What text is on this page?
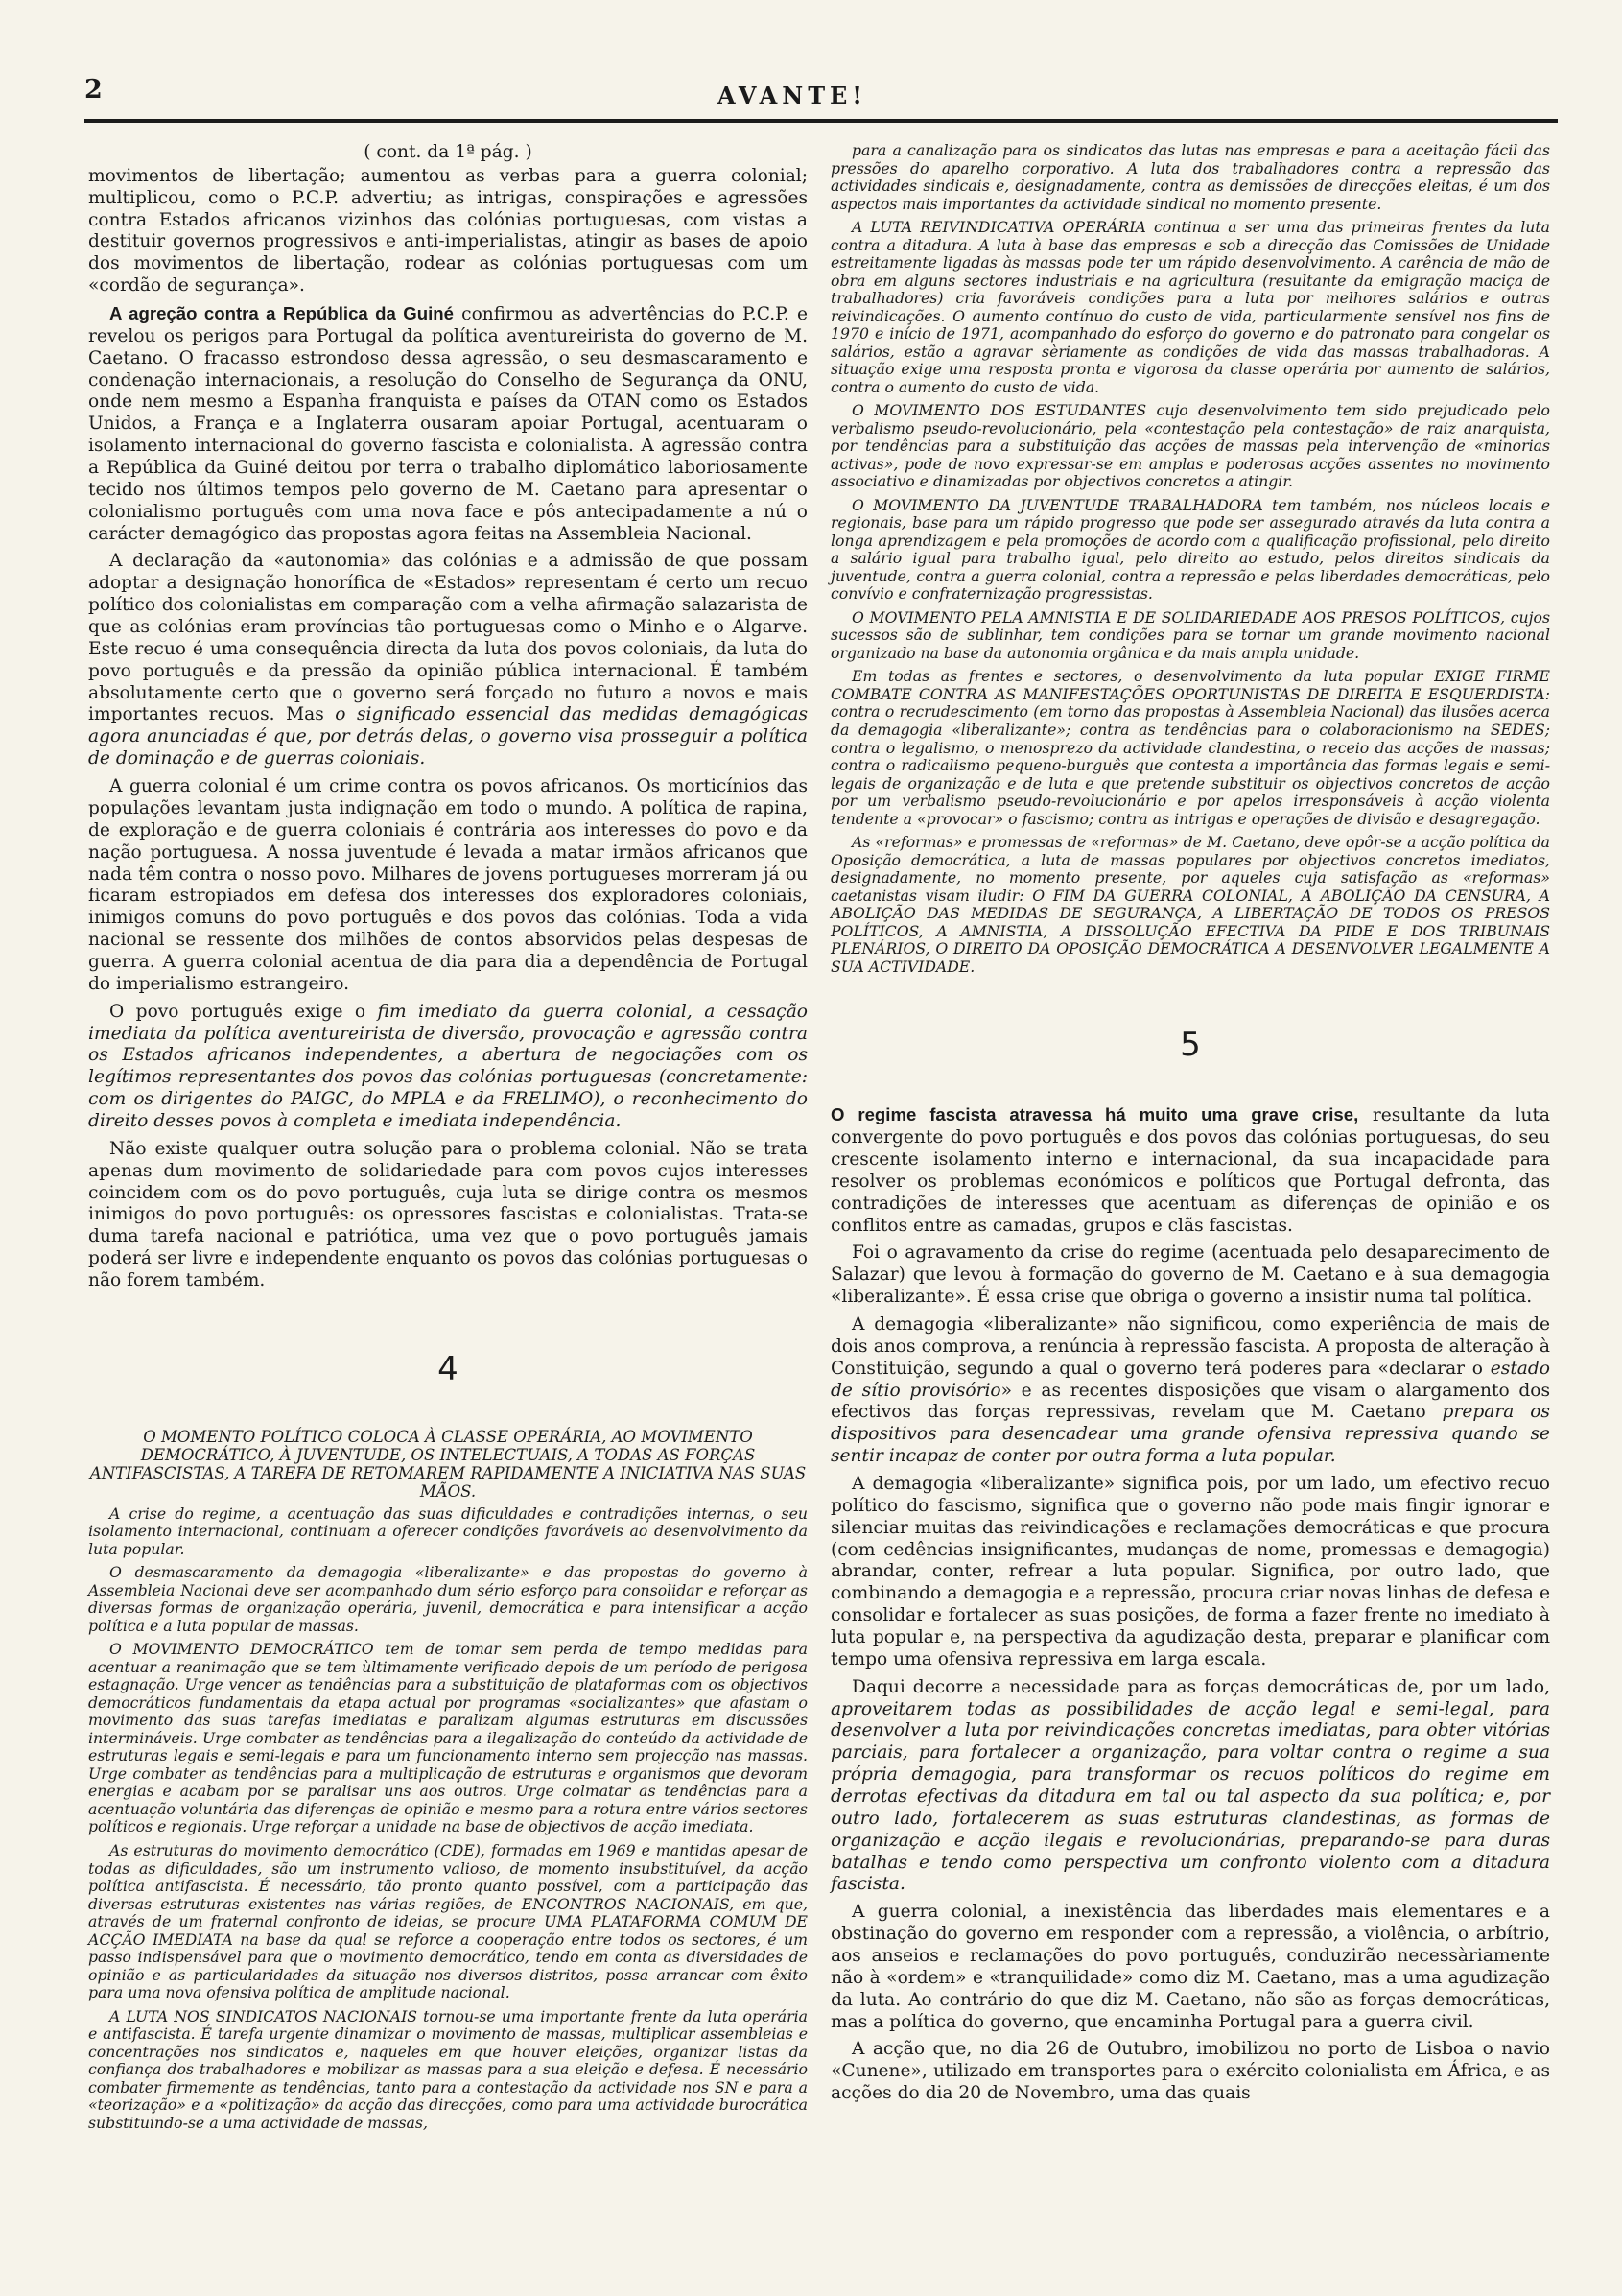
2	AVANTE!

( cont. da 1ª pág. )

movimentos de libertação; aumentou as verbas para a guerra colonial; multiplicou, como o P.C.P. advertiu; as intrigas, conspirações e agressões contra Estados africanos vizinhos das colónias portuguesas, com vistas a destituir governos progressivos e anti-imperialistas, atingir as bases de apoio dos movimentos de libertação, rodear as colónias portuguesas com um «cordão de segurança».

A agreção contra a República da Guiné confirmou as advertências do P.C.P. e revelou os perigos para Portugal da política aventureirista do governo de M. Caetano. O fracasso estrondoso dessa agressão, o seu desmascaramento e condenação internacionais, a resolução do Conselho de Segurança da ONU, onde nem mesmo a Espanha franquista e países da OTAN como os Estados Unidos, a França e a Inglaterra ousaram apoiar Portugal, acentuaram o isolamento internacional do governo fascista e colonialista. A agressão contra a República da Guiné deitou por terra o trabalho diplomático laboriosamente tecido nos últimos tempos pelo governo de M. Caetano para apresentar o colonialismo português com uma nova face e pôs antecipadamente a nú o carácter demagógico das propostas agora feitas na Assembleia Nacional.

A declaração da «autonomia» das colónias e a admissão de que possam adoptar a designação honorífica de «Estados» representam é certo um recuo político dos colonialistas em comparação com a velha afirmação salazarista de que as colónias eram províncias tão portuguesas como o Minho e o Algarve. Este recuo é uma consequência directa da luta dos povos coloniais, da luta do povo português e da pressão da opinião pública internacional. É também absolutamente certo que o governo será forçado no futuro a novos e mais importantes recuos. Mas o significado essencial das medidas demagógicas agora anunciadas é que, por detrás delas, o governo visa prosseguir a política de dominação e de guerras coloniais.

A guerra colonial é um crime contra os povos africanos. Os morticínios das populações levantam justa indignação em todo o mundo. A política de rapina, de exploração e de guerra coloniais é contrária aos interesses do povo e da nação portuguesa. A nossa juventude é levada a matar irmãos africanos que nada têm contra o nosso povo. Milhares de jovens portugueses morreram já ou ficaram estropiados em defesa dos interesses dos exploradores coloniais, inimigos comuns do povo português e dos povos das colónias. Toda a vida nacional se ressente dos milhões de contos absorvidos pelas despesas de guerra. A guerra colonial acentua de dia para dia a dependência de Portugal do imperialismo estrangeiro.

O povo português exige o fim imediato da guerra colonial, a cessação imediata da política aventureirista de diversão, provocação e agressão contra os Estados africanos independentes, a abertura de negociações com os legítimos representantes dos povos das colónias portuguesas (concretamente: com os dirigentes do PAIGC, do MPLA e da FRELIMO), o reconhecimento do direito desses povos à completa e imediata independência.

Não existe qualquer outra solução para o problema colonial. Não se trata apenas dum movimento de solidariedade para com povos cujos interesses coincidem com os do povo português, cuja luta se dirige contra os mesmos inimigos do povo português: os opressores fascistas e colonialistas. Trata-se duma tarefa nacional e patriótica, uma vez que o povo português jamais poderá ser livre e independente enquanto os povos das colónias portuguesas o não forem também.

4

O MOMENTO POLÍTICO COLOCA À CLASSE OPERÁRIA, AO MOVIMENTO DEMOCRÁTICO, À JUVENTUDE, OS INTELECTUAIS, A TODAS AS FORÇAS ANTIFASCISTAS, A TAREFA DE RETOMAREM RAPIDAMENTE A INICIATIVA NAS SUAS MÃOS.

A crise do regime, a acentuação das suas dificuldades e contradições internas, o seu isolamento internacional, continuam a oferecer condições favoráveis ao desenvolvimento da luta popular.

O desmascaramento da demagogia «liberalizante» e das propostas do governo à Assembleia Nacional deve ser acompanhado dum sério esforço para consolidar e reforçar as diversas formas de organização operária, juvenil, democrática e para intensificar a acção política e a luta popular de massas.

O MOVIMENTO DEMOCRÁTICO tem de tomar sem perda de tempo medidas para acentuar a reanimação que se tem ùltimamente verificado depois de um período de perigosa estagnação. Urge vencer as tendências para a substituição de plataformas com os objectivos democráticos fundamentais da etapa actual por programas «socializantes» que afastam o movimento das suas tarefas imediatas e paralizam algumas estruturas em discussões intermináveis. Urge combater as tendências para a ilegalização do conteúdo da actividade de estruturas legais e semi-legais e para um funcionamento interno sem projecção nas massas. Urge combater as tendências para a multiplicação de estruturas e organismos que devoram energias e acabam por se paralisar uns aos outros. Urge colmatar as tendências para a acentuação voluntária das diferenças de opinião e mesmo para a rotura entre vários sectores políticos e regionais. Urge reforçar a unidade na base de objectivos de acção imediata.

As estruturas do movimento democrático (CDE), formadas em 1969 e mantidas apesar de todas as dificuldades, são um instrumento valioso, de momento insubstituível, da acção política antifascista. É necessário, tão pronto quanto possível, com a participação das diversas estruturas existentes nas várias regiões, de ENCONTROS NACIONAIS, em que, através de um fraternal confronto de ideias, se procure UMA PLATAFORMA COMUM DE ACÇÃO IMEDIATA na base da qual se reforce a cooperação entre todos os sectores, é um passo indispensável para que o movimento democrático, tendo em conta as diversidades de opinião e as particularidades da situação nos diversos distritos, possa arrancar com êxito para uma nova ofensiva política de amplitude nacional.

A LUTA NOS SINDICATOS NACIONAIS tornou-se uma importante frente da luta operária e antifascista. É tarefa urgente dinamizar o movimento de massas, multiplicar assembleias e concentrações nos sindicatos e, naqueles em que houver eleições, organizar listas da confiança dos trabalhadores e mobilizar as massas para a sua eleição e defesa. É necessário combater firmemente as tendências, tanto para a contestação da actividade nos SN e para a «teorização» e a «politização» da acção das direcções, como para uma actividade burocrática substituindo-se a uma actividade de massas,

para a canalização para os sindicatos das lutas nas empresas e para a aceitação fácil das pressões do aparelho corporativo. A luta dos trabalhadores contra a repressão das actividades sindicais e, designadamente, contra as demissões de direcções eleitas, é um dos aspectos mais importantes da actividade sindical no momento presente.

A LUTA REIVINDICATIVA OPERÁRIA continua a ser uma das primeiras frentes da luta contra a ditadura. A luta à base das empresas e sob a direcção das Comissões de Unidade estreitamente ligadas às massas pode ter um rápido desenvolvimento. A carência de mão de obra em alguns sectores industriais e na agricultura (resultante da emigração maciça de trabalhadores) cria favoráveis condições para a luta por melhores salários e outras reivindicações. O aumento contínuo do custo de vida, particularmente sensível nos fins de 1970 e início de 1971, acompanhado do esforço do governo e do patronato para congelar os salários, estão a agravar sèriamente as condições de vida das massas trabalhadoras. A situação exige uma resposta pronta e vigorosa da classe operária por aumento de salários, contra o aumento do custo de vida.

O MOVIMENTO DOS ESTUDANTES cujo desenvolvimento tem sido prejudicado pelo verbalismo pseudo-revolucionário, pela «contestação pela contestação» de raiz anarquista, por tendências para a substituição das acções de massas pela intervenção de «minorias activas», pode de novo expressar-se em amplas e poderosas acções assentes no movimento associativo e dinamizadas por objectivos concretos a atingir.

O MOVIMENTO DA JUVENTUDE TRABALHADORA tem também, nos núcleos locais e regionais, base para um rápido progresso que pode ser assegurado através da luta contra a longa aprendizagem e pela promoções de acordo com a qualificação profissional, pelo direito a salário igual para trabalho igual, pelo direito ao estudo, pelos direitos sindicais da juventude, contra a guerra colonial, contra a repressão e pelas liberdades democráticas, pelo convívio e confraternização progressistas.

O MOVIMENTO PELA AMNISTIA E DE SOLIDARIEDADE AOS PRESOS POLÍTICOS, cujos sucessos são de sublinhar, tem condições para se tornar um grande movimento nacional organizado na base da autonomia orgânica e da mais ampla unidade.

Em todas as frentes e sectores, o desenvolvimento da luta popular EXIGE FIRME COMBATE CONTRA AS MANIFESTAÇÕES OPORTUNISTAS DE DIREITA E ESQUERDISTA: contra o recrudescimento (em torno das propostas à Assembleia Nacional) das ilusões acerca da demagogia «liberalizante»; contra as tendências para o colaboracionismo na SEDES; contra o legalismo, o menosprezo da actividade clandestina, o receio das acções de massas; contra o radicalismo pequeno-burguês que contesta a importância das formas legais e semi-legais de organização e de luta e que pretende substituir os objectivos concretos de acção por um verbalismo pseudo-revolucionário e por apelos irresponsáveis à acção violenta tendente a «provocar» o fascismo; contra as intrigas e operações de divisão e desagregação.

As «reformas» e promessas de «reformas» de M. Caetano, deve opôr-se a acção política da Oposição democrática, a luta de massas populares por objectivos concretos imediatos, designadamente, no momento presente, por aqueles cuja satisfação as «reformas» caetanistas visam iludir: O FIM DA GUERRA COLONIAL, A ABOLIÇÃO DA CENSURA, A ABOLIÇÃO DAS MEDIDAS DE SEGURANÇA, A LIBERTAÇÃO DE TODOS OS PRESOS POLÍTICOS, A AMNISTIA, A DISSOLUÇÃO EFECTIVA DA PIDE E DOS TRIBUNAIS PLENÁRIOS, O DIREITO DA OPOSIÇÃO DEMOCRÁTICA A DESENVOLVER LEGALMENTE A SUA ACTIVIDADE.

5

O regime fascista atravessa há muito uma grave crise, resultante da luta convergente do povo português e dos povos das colónias portuguesas, do seu crescente isolamento interno e internacional, da sua incapacidade para resolver os problemas económicos e políticos que Portugal defronta, das contradições de interesses que acentuam as diferenças de opinião e os conflitos entre as camadas, grupos e clãs fascistas.

Foi o agravamento da crise do regime (acentuada pelo desaparecimento de Salazar) que levou à formação do governo de M. Caetano e à sua demagogia «liberalizante». É essa crise que obriga o governo a insistir numa tal política.

A demagogia «liberalizante» não significou, como experiência de mais de dois anos comprova, a renúncia à repressão fascista. A proposta de alteração à Constituição, segundo a qual o governo terá poderes para «declarar o estado de sítio provisório» e as recentes disposições que visam o alargamento dos efectivos das forças repressivas, revelam que M. Caetano prepara os dispositivos para desencadear uma grande ofensiva repressiva quando se sentir incapaz de conter por outra forma a luta popular.

A demagogia «liberalizante» significa pois, por um lado, um efectivo recuo político do fascismo, significa que o governo não pode mais fingir ignorar e silenciar muitas das reivindicações e reclamações democráticas e que procura (com cedências insignificantes, mudanças de nome, promessas e demagogia) abrandar, conter, refrear a luta popular. Significa, por outro lado, que combinando a demagogia e a repressão, procura criar novas linhas de defesa e consolidar e fortalecer as suas posições, de forma a fazer frente no imediato à luta popular e, na perspectiva da agudização desta, preparar e planificar com tempo uma ofensiva repressiva em larga escala.

Daqui decorre a necessidade para as forças democráticas de, por um lado, aproveitarem todas as possibilidades de acção legal e semi-legal, para desenvolver a luta por reivindicações concretas imediatas, para obter vitórias parciais, para fortalecer a organização, para voltar contra o regime a sua própria demagogia, para transformar os recuos políticos do regime em derrotas efectivas da ditadura em tal ou tal aspecto da sua política; e, por outro lado, fortalecerem as suas estruturas clandestinas, as formas de organização e acção ilegais e revolucionárias, preparando-se para duras batalhas e tendo como perspectiva um confronto violento com a ditadura fascista.

A guerra colonial, a inexistência das liberdades mais elementares e a obstinação do governo em responder com a repressão, a violência, o arbítrio, aos anseios e reclamações do povo português, conduzirão necessàriamente não à «ordem» e «tranquilidade» como diz M. Caetano, mas a uma agudização da luta. Ao contrário do que diz M. Caetano, não são as forças democráticas, mas a política do governo, que encaminha Portugal para a guerra civil.

A acção que, no dia 26 de Outubro, imobilizou no porto de Lisboa o navio «Cunene», utilizado em transportes para o exército colonialista em África, e as acções do dia 20 de Novembro, uma das quais
